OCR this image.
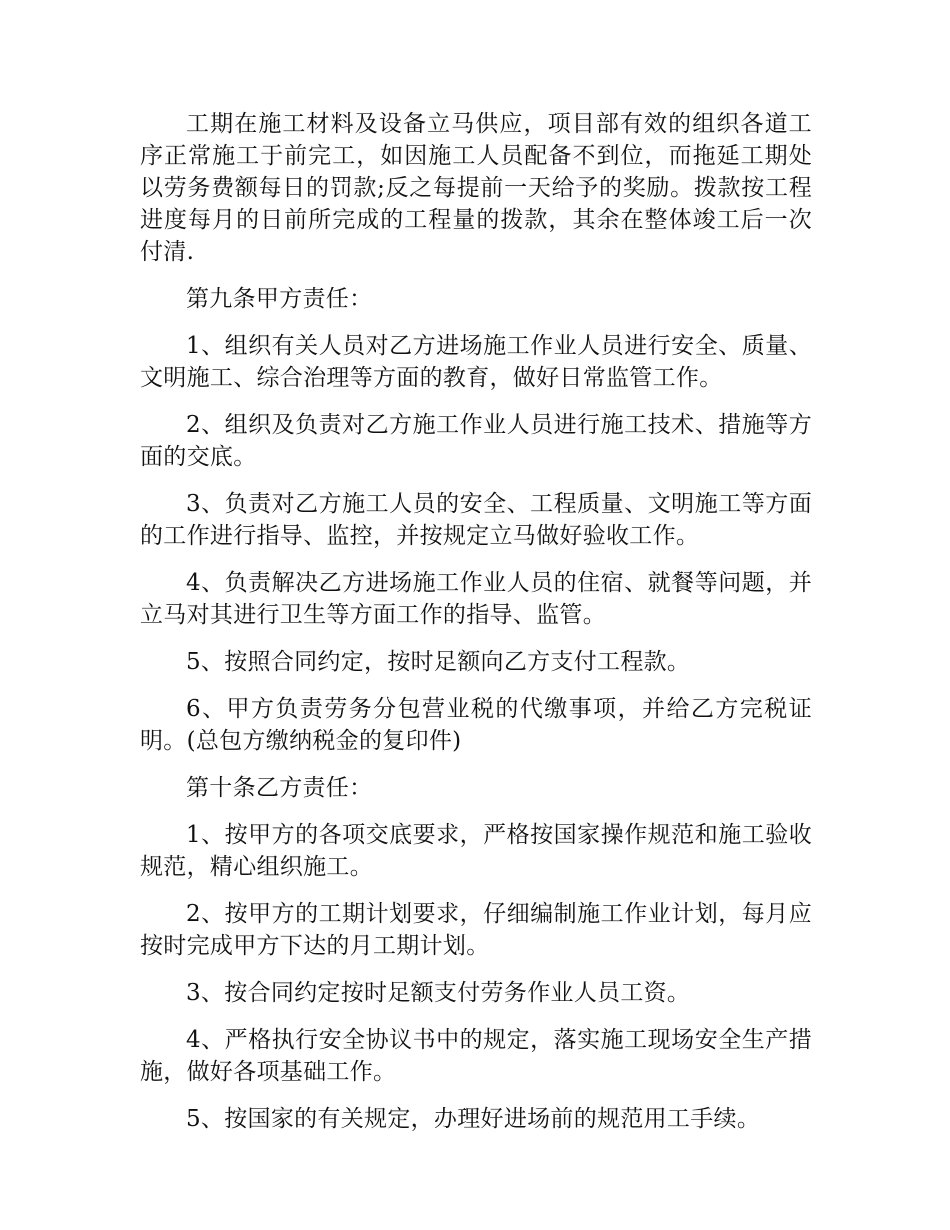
工期在施工材料及设备立马供应，项目部有效的组织各道工序正常施工于前完工，如因施工人员配备不到位，而拖延工期处以劳务费额每日的罚款;反之每提前一天给予的奖励。拨款按工程进度每月的日前所完成的工程量的拨款，其余在整体竣工后一次付清.

第九条甲方责任：

1、组织有关人员对乙方进场施工作业人员进行安全、质量、文明施工、综合治理等方面的教育，做好日常监管工作。

2、组织及负责对乙方施工作业人员进行施工技术、措施等方面的交底。

3、负责对乙方施工人员的安全、工程质量、文明施工等方面的工作进行指导、监控，并按规定立马做好验收工作。

4、负责解决乙方进场施工作业人员的住宿、就餐等问题，并立马对其进行卫生等方面工作的指导、监管。

5、按照合同约定，按时足额向乙方支付工程款。

6、甲方负责劳务分包营业税的代缴事项，并给乙方完税证明。(总包方缴纳税金的复印件)

第十条乙方责任：

1、按甲方的各项交底要求，严格按国家操作规范和施工验收规范，精心组织施工。

2、按甲方的工期计划要求，仔细编制施工作业计划，每月应按时完成甲方下达的月工期计划。

3、按合同约定按时足额支付劳务作业人员工资。

4、严格执行安全协议书中的规定，落实施工现场安全生产措施，做好各项基础工作。

5、按国家的有关规定，办理好进场前的规范用工手续。
